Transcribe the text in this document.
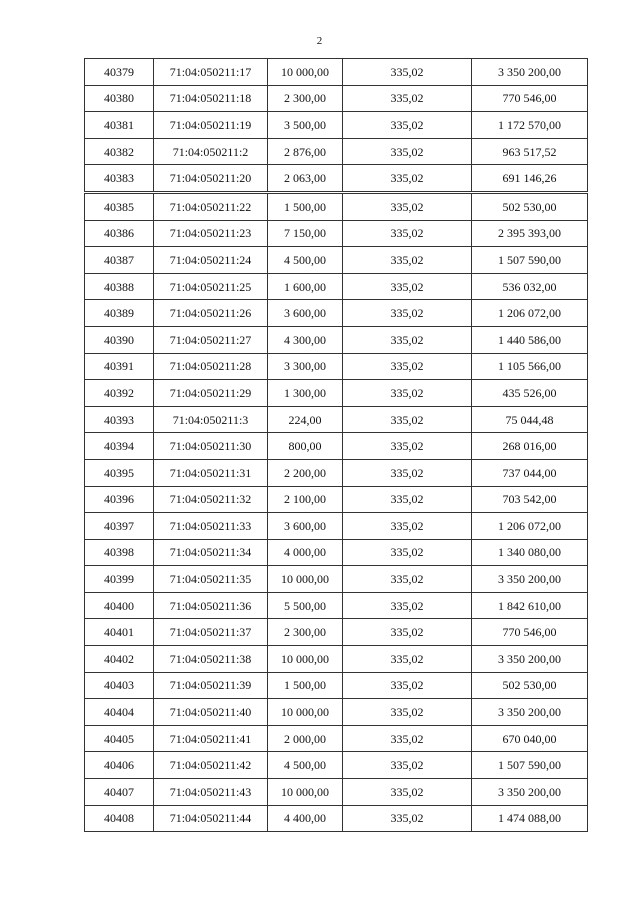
2
40379	71:04:050211:17	10 000,00	335,02	3 350 200,00
40380	71:04:050211:18	2 300,00	335,02	770 546,00
40381	71:04:050211:19	3 500,00	335,02	1 172 570,00
40382	71:04:050211:2	2 876,00	335,02	963 517,52
40383	71:04:050211:20	2 063,00	335,02	691 146,26
40385	71:04:050211:22	1 500,00	335,02	502 530,00
40386	71:04:050211:23	7 150,00	335,02	2 395 393,00
40387	71:04:050211:24	4 500,00	335,02	1 507 590,00
40388	71:04:050211:25	1 600,00	335,02	536 032,00
40389	71:04:050211:26	3 600,00	335,02	1 206 072,00
40390	71:04:050211:27	4 300,00	335,02	1 440 586,00
40391	71:04:050211:28	3 300,00	335,02	1 105 566,00
40392	71:04:050211:29	1 300,00	335,02	435 526,00
40393	71:04:050211:3	224,00	335,02	75 044,48
40394	71:04:050211:30	800,00	335,02	268 016,00
40395	71:04:050211:31	2 200,00	335,02	737 044,00
40396	71:04:050211:32	2 100,00	335,02	703 542,00
40397	71:04:050211:33	3 600,00	335,02	1 206 072,00
40398	71:04:050211:34	4 000,00	335,02	1 340 080,00
40399	71:04:050211:35	10 000,00	335,02	3 350 200,00
40400	71:04:050211:36	5 500,00	335,02	1 842 610,00
40401	71:04:050211:37	2 300,00	335,02	770 546,00
40402	71:04:050211:38	10 000,00	335,02	3 350 200,00
40403	71:04:050211:39	1 500,00	335,02	502 530,00
40404	71:04:050211:40	10 000,00	335,02	3 350 200,00
40405	71:04:050211:41	2 000,00	335,02	670 040,00
40406	71:04:050211:42	4 500,00	335,02	1 507 590,00
40407	71:04:050211:43	10 000,00	335,02	3 350 200,00
40408	71:04:050211:44	4 400,00	335,02	1 474 088,00
